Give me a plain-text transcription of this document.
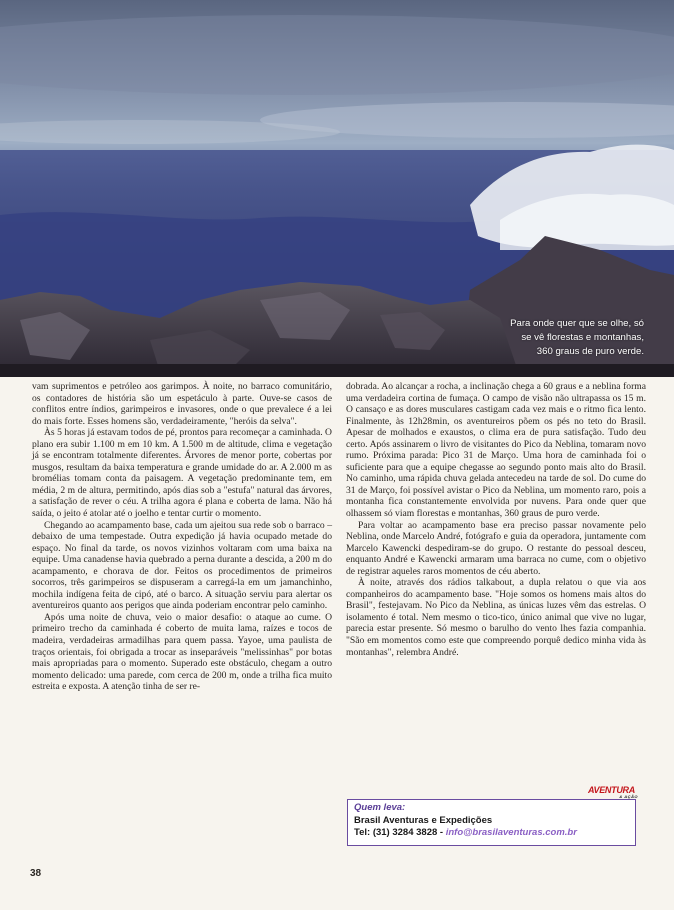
Para onde quer que se olhe, só
se vê florestas e montanhas,
360 graus de puro verde.

vam suprimentos e petróleo aos garimpos. À noite, no barraco comunitário, os contadores de história são um espetáculo à parte. Ouve-se casos de conflitos entre índios, garimpeiros e invasores, onde o que prevalece é a lei do mais forte. Esses homens são, verdadeiramente, "heróis da selva".

Às 5 horas já estavam todos de pé, prontos para recomeçar a caminhada. O plano era subir 1.100 m em 10 km. A 1.500 m de altitude, clima e vegetação já se encontram totalmente diferentes. Árvores de menor porte, cobertas por musgos, resultam da baixa temperatura e grande umidade do ar. A 2.000 m as bromélias tomam conta da paisagem. A vegetação predominante tem, em média, 2 m de altura, permitindo, após dias sob a "estufa" natural das árvores, a satisfação de rever o céu. A trilha agora é plana e coberta de lama. Não há saída, o jeito é atolar até o joelho e tentar curtir o momento.

Chegando ao acampamento base, cada um ajeitou sua rede sob o barraco – debaixo de uma tempestade. Outra expedição já havia ocupado metade do espaço. No final da tarde, os novos vizinhos voltaram com uma baixa na equipe. Uma canadense havia quebrado a perna durante a descida, a 200 m do acampamento, e chorava de dor. Feitos os procedimentos de primeiros socorros, três garimpeiros se dispuseram a carregá-la em um jamanchinho, mochila indígena feita de cipó, até o barco. A situação serviu para alertar os aventureiros quanto aos perigos que ainda poderiam encontrar pelo caminho.

Após uma noite de chuva, veio o maior desafio: o ataque ao cume. O primeiro trecho da caminhada é coberto de muita lama, raízes e tocos de madeira, verdadeiras armadilhas para quem passa. Yayoe, uma paulista de traços orientais, foi obrigada a trocar as inseparáveis "melissinhas" por botas mais apropriadas para o momento. Superado este obstáculo, chegam a outro momento delicado: uma parede, com cerca de 200 m, onde a trilha fica muito estreita e exposta. A atenção tinha de ser re-

dobrada. Ao alcançar a rocha, a inclinação chega a 60 graus e a neblina forma uma verdadeira cortina de fumaça. O campo de visão não ultrapassa os 15 m. O cansaço e as dores musculares castigam cada vez mais e o ritmo fica lento. Finalmente, às 12h28min, os aventureiros põem os pés no teto do Brasil. Apesar de molhados e exaustos, o clima era de pura satisfação. Tudo deu certo. Após assinarem o livro de visitantes do Pico da Neblina, tomaram novo rumo. Próxima parada: Pico 31 de Março. Uma hora de caminhada foi o suficiente para que a equipe chegasse ao segundo ponto mais alto do Brasil. No caminho, uma rápida chuva gelada antecedeu na tarde de sol. Do cume do 31 de Março, foi possível avistar o Pico da Neblina, um momento raro, pois a montanha fica constantemente envolvida por nuvens. Para onde quer que olhassem só viam florestas e montanhas, 360 graus de puro verde.

Para voltar ao acampamento base era preciso passar novamente pelo Neblina, onde Marcelo André, fotógrafo e guia da operadora, juntamente com Marcelo Kawencki despediram-se do grupo. O restante do pessoal desceu, enquanto André e Kawencki armaram uma barraca no cume, com o objetivo de registrar aqueles raros momentos de céu aberto.

À noite, através dos rádios talkabout, a dupla relatou o que via aos companheiros do acampamento base. "Hoje somos os homens mais altos do Brasil", festejavam. No Pico da Neblina, as únicas luzes vêm das estrelas. O isolamento é total. Nem mesmo o tico-tico, único animal que vive no lugar, parecia estar presente. Só mesmo o barulho do vento lhes fazia companhia. "São em momentos como este que compreendo porquê dedico minha vida às montanhas", relembra André.

AVENTURA
& AÇÃO
Quem leva:
Brasil Aventuras e Expedições
Tel: (31) 3284 3828 - info@brasilaventuras.com.br
38
